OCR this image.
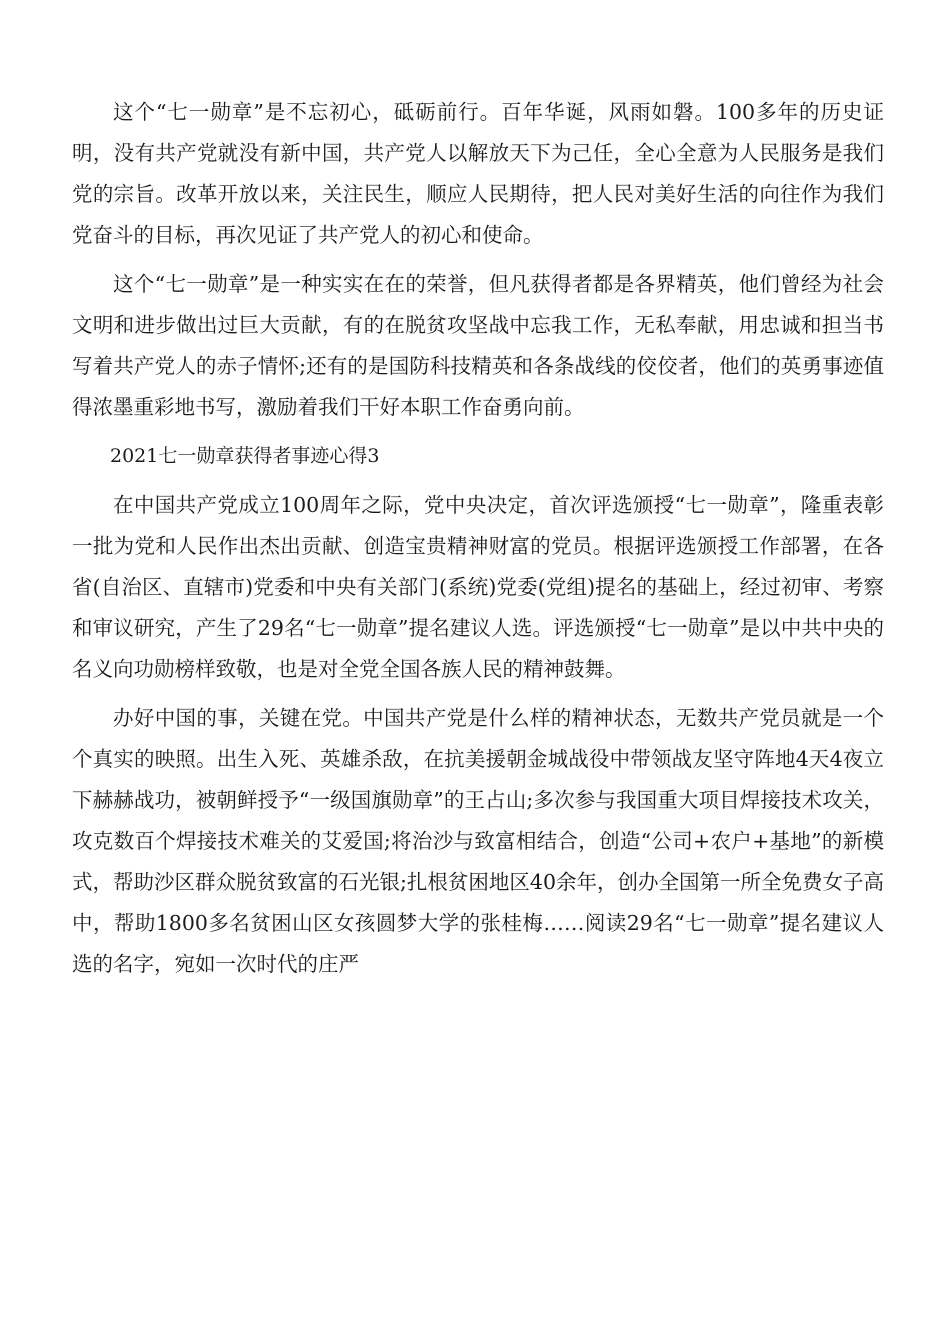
这个“七一勋章”是不忘初心，砥砺前行。百年华诞，风雨如磐。100多年的历史证明，没有共产党就没有新中国，共产党人以解放天下为己任，全心全意为人民服务是我们党的宗旨。改革开放以来，关注民生，顺应人民期待，把人民对美好生活的向往作为我们党奋斗的目标，再次见证了共产党人的初心和使命。

这个“七一勋章”是一种实实在在的荣誉，但凡获得者都是各界精英，他们曾经为社会文明和进步做出过巨大贡献，有的在脱贫攻坚战中忘我工作，无私奉献，用忠诚和担当书写着共产党人的赤子情怀;还有的是国防科技精英和各条战线的佼佼者，他们的英勇事迹值得浓墨重彩地书写，激励着我们干好本职工作奋勇向前。

2021七一勋章获得者事迹心得3

在中国共产党成立100周年之际，党中央决定，首次评选颁授“七一勋章”，隆重表彰一批为党和人民作出杰出贡献、创造宝贵精神财富的党员。根据评选颁授工作部署，在各省(自治区、直辖市)党委和中央有关部门(系统)党委(党组)提名的基础上，经过初审、考察和审议研究，产生了29名“七一勋章”提名建议人选。评选颁授“七一勋章”是以中共中央的名义向功勋榜样致敬，也是对全党全国各族人民的精神鼓舞。

办好中国的事，关键在党。中国共产党是什么样的精神状态，无数共产党员就是一个个真实的映照。出生入死、英雄杀敌，在抗美援朝金城战役中带领战友坚守阵地4天4夜立下赫赫战功，被朝鲜授予“一级国旗勋章”的王占山;多次参与我国重大项目焊接技术攻关，攻克数百个焊接技术难关的艾爱国;将治沙与致富相结合，创造“公司+农户+基地”的新模式，帮助沙区群众脱贫致富的石光银;扎根贫困地区40余年，创办全国第一所全免费女子高中，帮助1800多名贫困山区女孩圆梦大学的张桂梅……阅读29名“七一勋章”提名建议人选的名字，宛如一次时代的庄严
